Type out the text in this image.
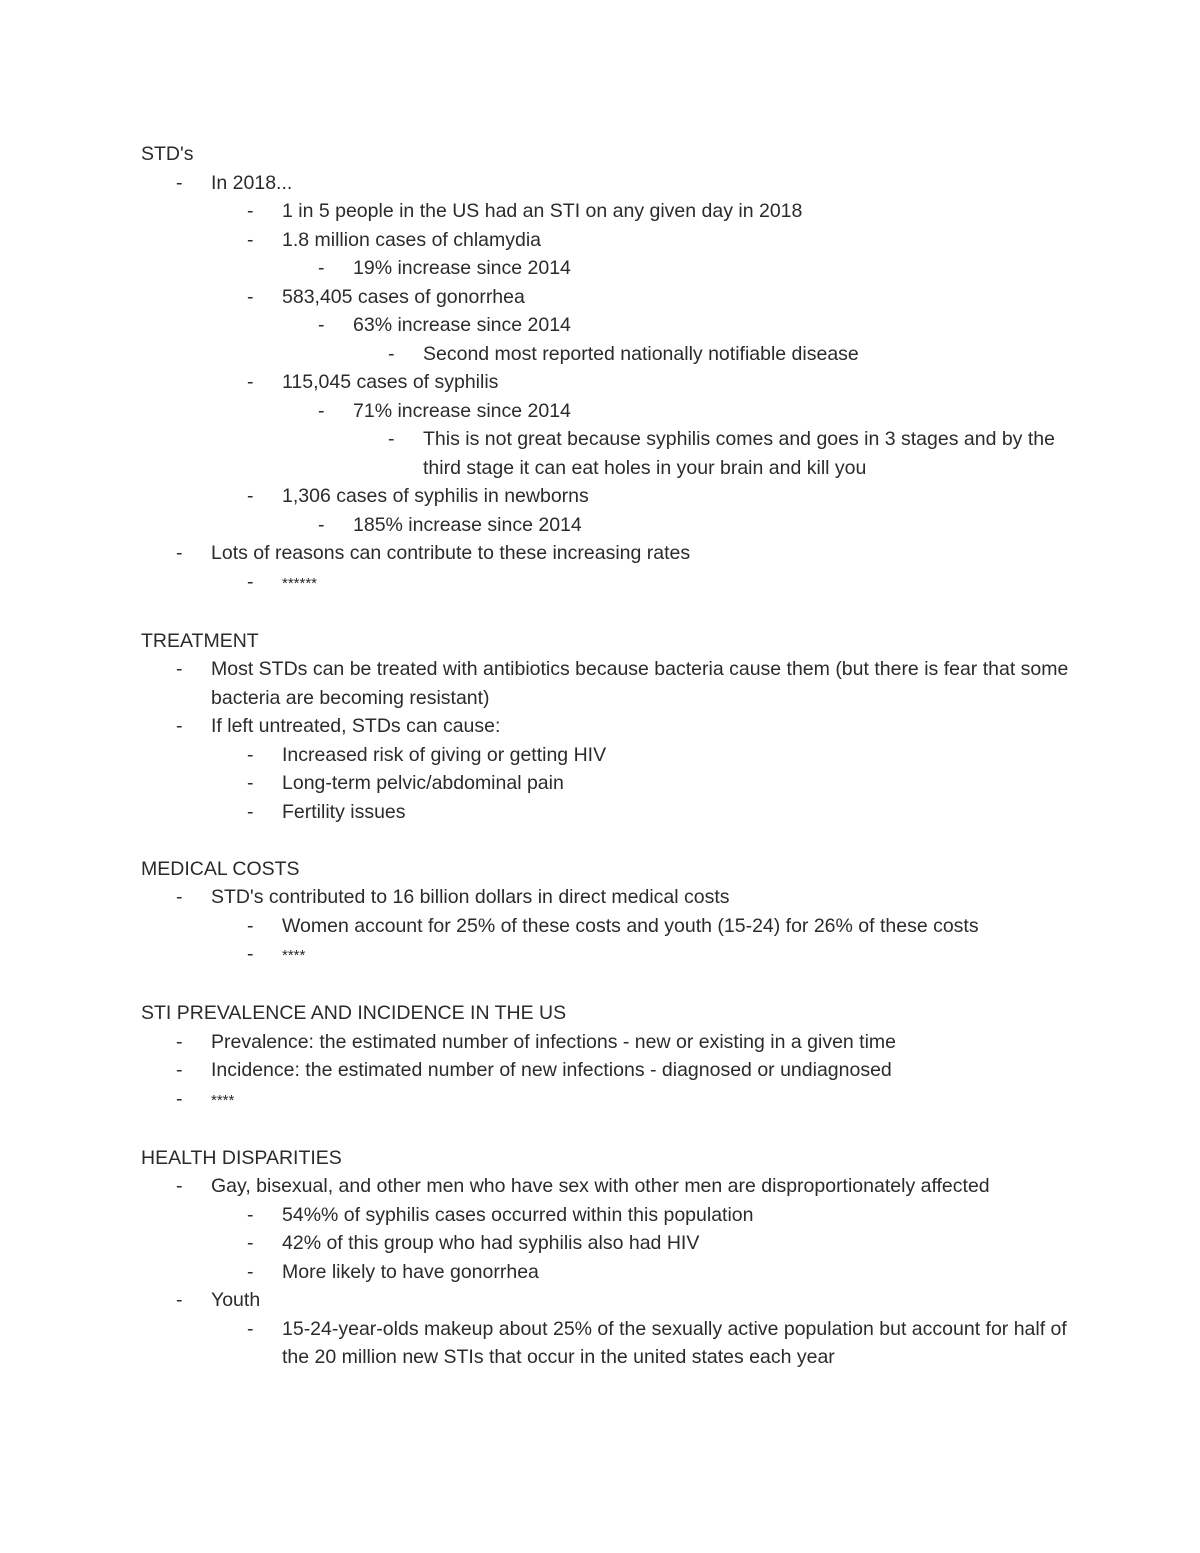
STD's
-	In 2018...
-	1 in 5 people in the US had an STI on any given day in 2018
-	1.8 million cases of chlamydia
-	19% increase since 2014
-	583,405 cases of gonorrhea
-	63% increase since 2014
-	Second most reported nationally notifiable disease
-	115,045 cases of syphilis
-	71% increase since 2014
-	This is not great because syphilis comes and goes in 3 stages and by the third stage it can eat holes in your brain and kill you
-	1,306 cases of syphilis in newborns
-	185% increase since 2014
-	Lots of reasons can contribute to these increasing rates
-	******
TREATMENT
-	Most STDs can be treated with antibiotics because bacteria cause them (but there is fear that some bacteria are becoming resistant)
-	If left untreated, STDs can cause:
-	Increased risk of giving or getting HIV
-	Long-term pelvic/abdominal pain
-	Fertility issues
MEDICAL COSTS
-	STD's contributed to 16 billion dollars in direct medical costs
-	Women account for 25% of these costs and youth (15-24) for 26% of these costs
-	****
STI PREVALENCE AND INCIDENCE IN THE US
-	Prevalence: the estimated number of infections - new or existing in a given time
-	Incidence: the estimated number of new infections - diagnosed or undiagnosed
-	****
HEALTH DISPARITIES
-	Gay, bisexual, and other men who have sex with other men are disproportionately affected
-	54%% of syphilis cases occurred within this population
-	42% of this group who had syphilis also had HIV
-	More likely to have gonorrhea
-	Youth
-	15-24-year-olds makeup about 25% of the sexually active population but account for half of the 20 million new STIs that occur in the united states each year
